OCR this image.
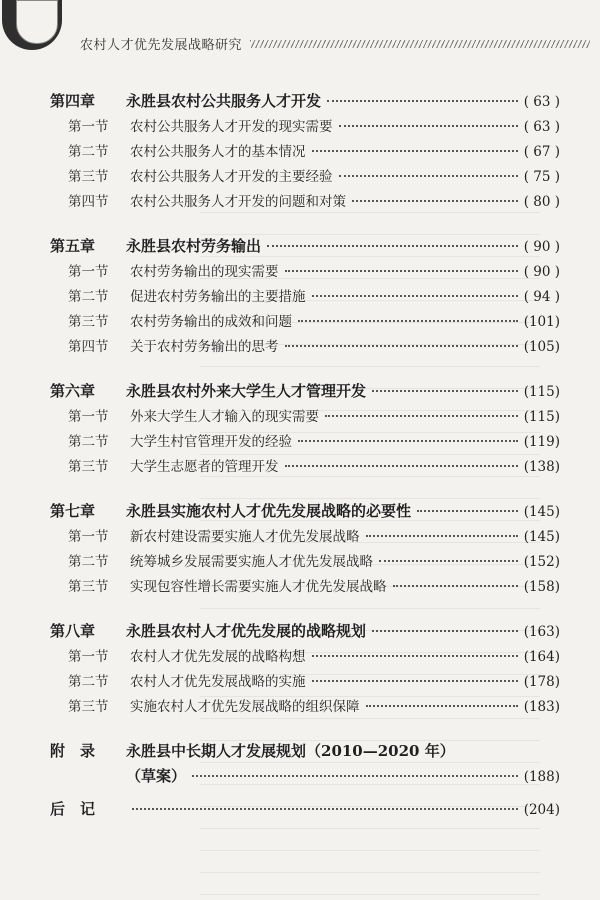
农村人才优先发展战略研究
第四章	永胜县农村公共服务人才开发	( 63 )
第一节	农村公共服务人才开发的现实需要	( 63 )
第二节	农村公共服务人才的基本情况	( 67 )
第三节	农村公共服务人才开发的主要经验	( 75 )
第四节	农村公共服务人才开发的问题和对策	( 80 )
第五章	永胜县农村劳务输出	( 90 )
第一节	农村劳务输出的现实需要	( 90 )
第二节	促进农村劳务输出的主要措施	( 94 )
第三节	农村劳务输出的成效和问题	(101)
第四节	关于农村劳务输出的思考	(105)
第六章	永胜县农村外来大学生人才管理开发	(115)
第一节	外来大学生人才输入的现实需要	(115)
第二节	大学生村官管理开发的经验	(119)
第三节	大学生志愿者的管理开发	(138)
第七章	永胜县实施农村人才优先发展战略的必要性	(145)
第一节	新农村建设需要实施人才优先发展战略	(145)
第二节	统筹城乡发展需要实施人才优先发展战略	(152)
第三节	实现包容性增长需要实施人才优先发展战略	(158)
第八章	永胜县农村人才优先发展的战略规划	(163)
第一节	农村人才优先发展的战略构想	(164)
第二节	农村人才优先发展战略的实施	(178)
第三节	实施农村人才优先发展战略的组织保障	(183)
附　录	永胜县中长期人才发展规划（2010—2020 年）
（草案）	(188)
后　记	(204)
